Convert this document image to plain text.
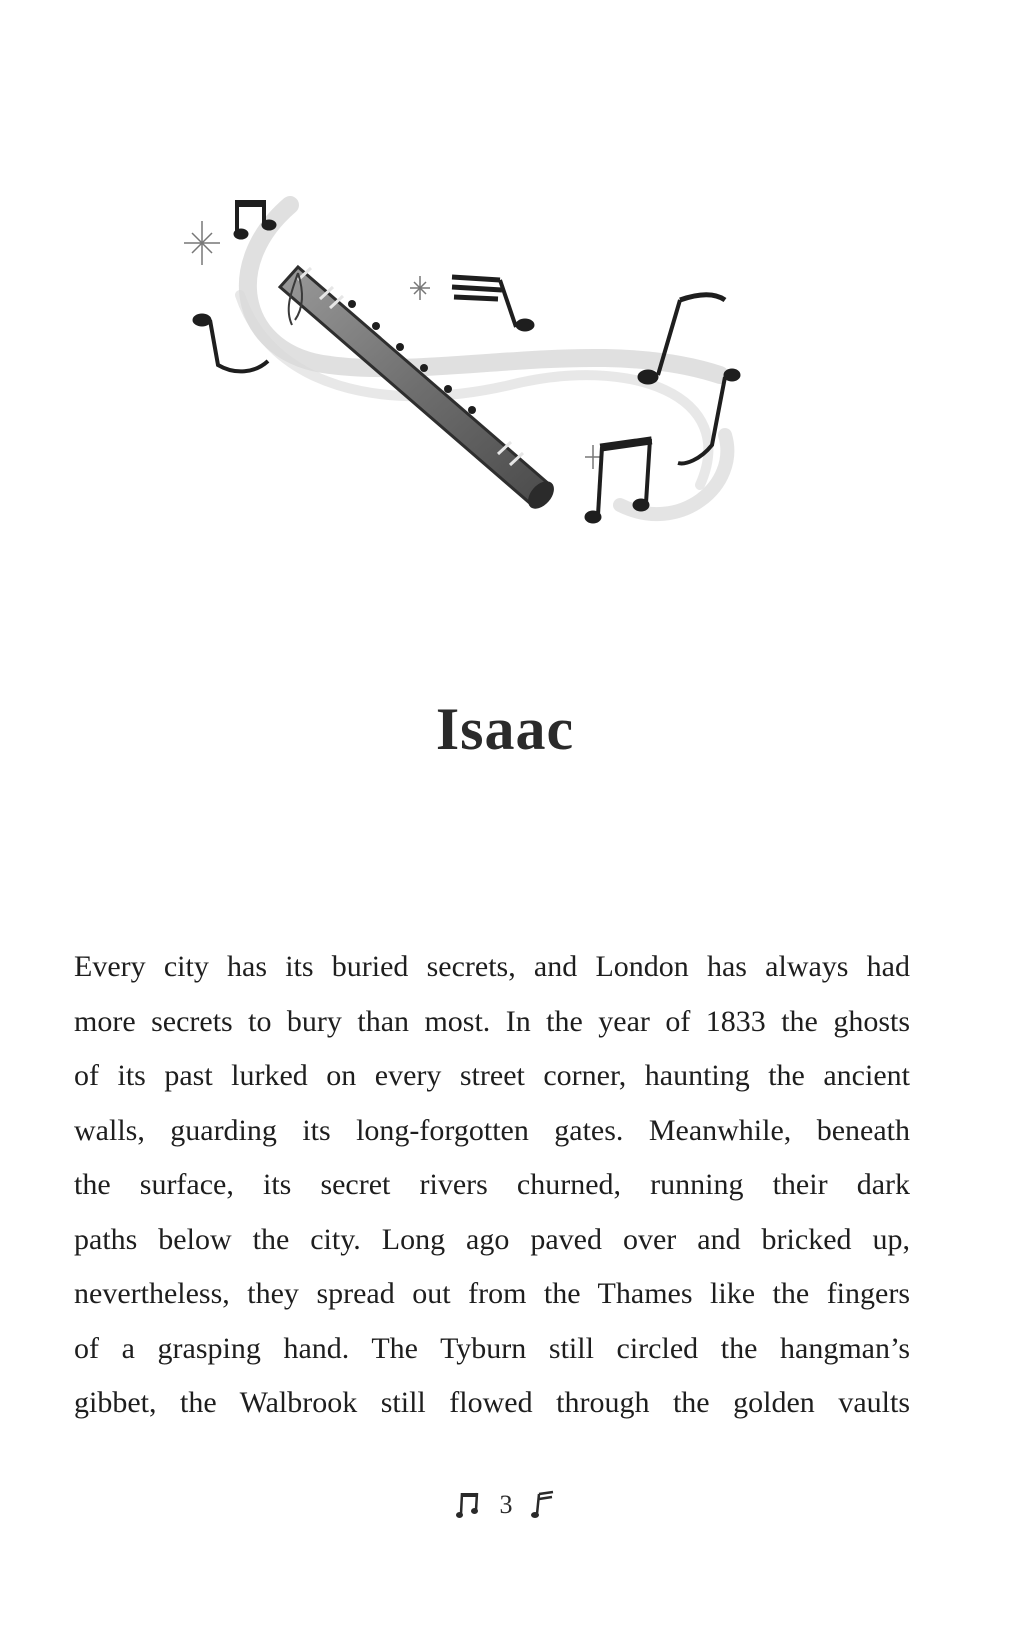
Isaac
Every city has its buried secrets, and London has always had
more secrets to bury than most. In the year of 1833 the ghosts
of its past lurked on every street corner, haunting the ancient
walls, guarding its long-forgotten gates. Meanwhile, beneath
the surface, its secret rivers churned, running their dark
paths below the city. Long ago paved over and bricked up,
nevertheless, they spread out from the Thames like the fingers
of a grasping hand. The Tyburn still circled the hangman’s
gibbet, the Walbrook still flowed through the golden vaults
3
